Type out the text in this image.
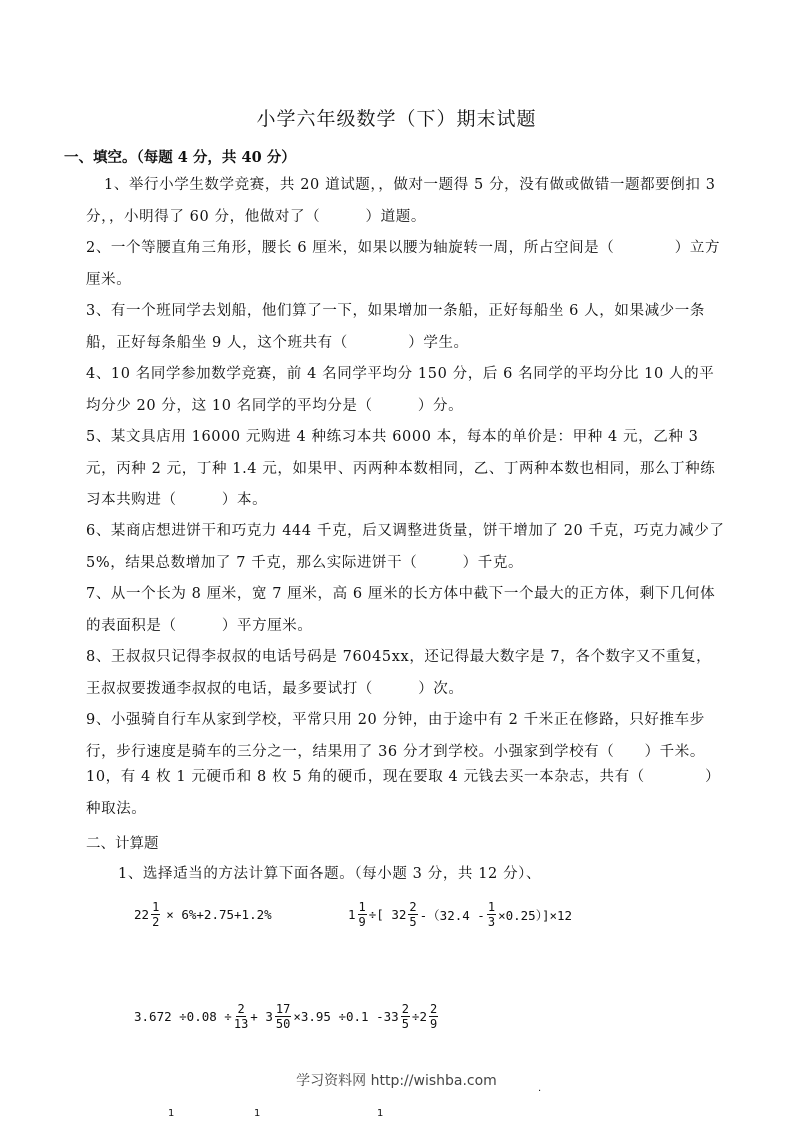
小学六年级数学（下）期末试题
一、填空。（每题 4 分，共 40 分）
1、举行小学生数学竞赛，共 20 道试题，，做对一题得 5 分，没有做或做错一题都要倒扣 3 分，，小明得了 60 分，他做对了（　　　）道题。
2、一个等腰直角三角形，腰长 6 厘米，如果以腰为轴旋转一周，所占空间是（　　　　）立方厘米。
3、有一个班同学去划船，他们算了一下，如果增加一条船，正好每船坐 6 人，如果减少一条船，正好每条船坐 9 人，这个班共有（　　　　）学生。
4、10 名同学参加数学竞赛，前 4 名同学平均分 150 分，后 6 名同学的平均分比 10 人的平均分少 20 分，这 10 名同学的平均分是（　　　）分。
5、某文具店用 16000 元购进 4 种练习本共 6000 本，每本的单价是：甲种 4 元，乙种 3 元，丙种 2 元，丁种 1.4 元，如果甲、丙两种本数相同，乙、丁两种本数也相同，那么丁种练习本共购进（　　　）本。
6、某商店想进饼干和巧克力 444 千克，后又调整进货量，饼干增加了 20 千克，巧克力减少了 5%，结果总数增加了 7 千克，那么实际进饼干（　　　）千克。
7、从一个长为 8 厘米，宽 7 厘米，高 6 厘米的长方体中截下一个最大的正方体，剩下几何体的表面积是（　　　）平方厘米。
8、王叔叔只记得李叔叔的电话号码是 76045xx，还记得最大数字是 7，各个数字又不重复，王叔叔要拨通李叔叔的电话，最多要试打（　　　）次。
9、小强骑自行车从家到学校，平常只用 20 分钟，由于途中有 2 千米正在修路，只好推车步行，步行速度是骑车的三分之一，结果用了 36 分才到学校。小强家到学校有（　　）千米。
10，有 4 枚 1 元硬币和 8 枚 5 角的硬币，现在要取 4 元钱去买一本杂志，共有（　　　　）种取法。
二、计算题
1、选择适当的方法计算下面各题。（每小题 3 分，共 12 分）、
$22 \frac{1}{2} \times 6\%+2.75+1.2\%$	$1 \frac{1}{9}$ ÷[ $32 \frac{2}{5} -(32.4 - \frac{1}{3} \times 0.25)]\times 12$
$3.672 \div 0.08 \div \frac{2}{13} + 3 \frac{17}{50} \times 3.95 \div 0.1$ $-33 \frac{2}{5} \div 2 \frac{2}{9}$
学习资料网 http://wishba.com	.
1	1	1
